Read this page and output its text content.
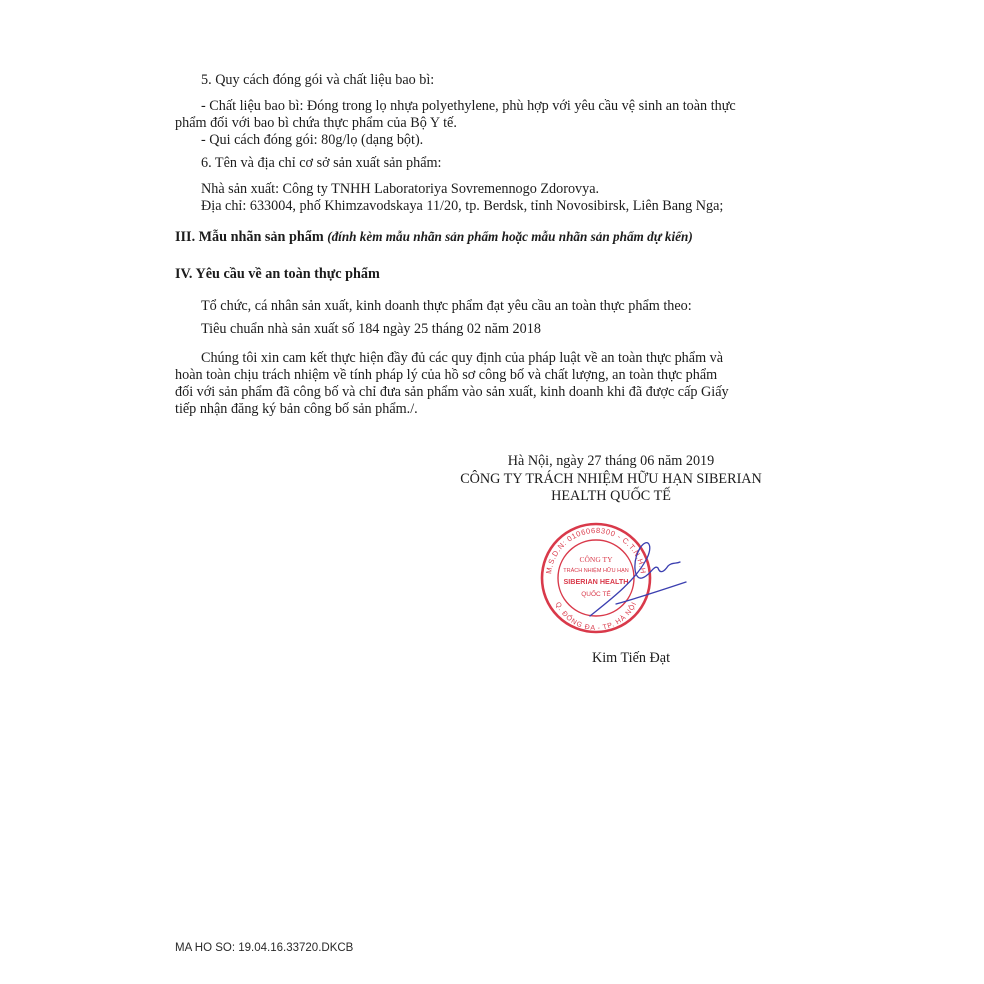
5. Quy cách đóng gói và chất liệu bao bì:
- Chất liệu bao bì: Đóng trong lọ nhựa polyethylene, phù hợp với yêu cầu vệ sinh an toàn thực
phẩm đối với bao bì chứa thực phẩm của Bộ Y tế.
- Qui cách đóng gói: 80g/lọ (dạng bột).
6. Tên và địa chỉ cơ sở sản xuất sản phẩm:
Nhà sản xuất: Công ty TNHH Laboratoriya Sovremennogo Zdorovya.
Địa chỉ: 633004, phố Khimzavodskaya 11/20, tp. Berdsk, tỉnh Novosibirsk, Liên Bang Nga;
III. Mẫu nhãn sản phẩm (đính kèm mẫu nhãn sản phẩm hoặc mẫu nhãn sản phẩm dự kiến)
IV. Yêu cầu về an toàn thực phẩm
Tổ chức, cá nhân sản xuất, kinh doanh thực phẩm đạt yêu cầu an toàn thực phẩm theo:
Tiêu chuẩn nhà sản xuất số 184 ngày 25 tháng 02 năm 2018
Chúng tôi xin cam kết thực hiện đầy đủ các quy định của pháp luật về an toàn thực phẩm và
hoàn toàn chịu trách nhiệm về tính pháp lý của hồ sơ công bố và chất lượng, an toàn thực phẩm
đối với sản phẩm đã công bố và chỉ đưa sản phẩm vào sản xuất, kinh doanh khi đã được cấp Giấy
tiếp nhận đăng ký bản công bố sản phẩm./.
Hà Nội, ngày 27 tháng 06 năm 2019
CÔNG TY TRÁCH NHIỆM HỮU HẠN SIBERIAN
HEALTH QUỐC TẾ
M.S.D.N: 0106068300 - C.T.N.H.H
Q. ĐỐNG ĐA - TP. HÀ NỘI
CÔNG TY
TRÁCH NHIỆM HỮU HẠN
SIBERIAN HEALTH
QUỐC TẾ
Kim Tiến Đạt
MA HO SO: 19.04.16.33720.DKCB
